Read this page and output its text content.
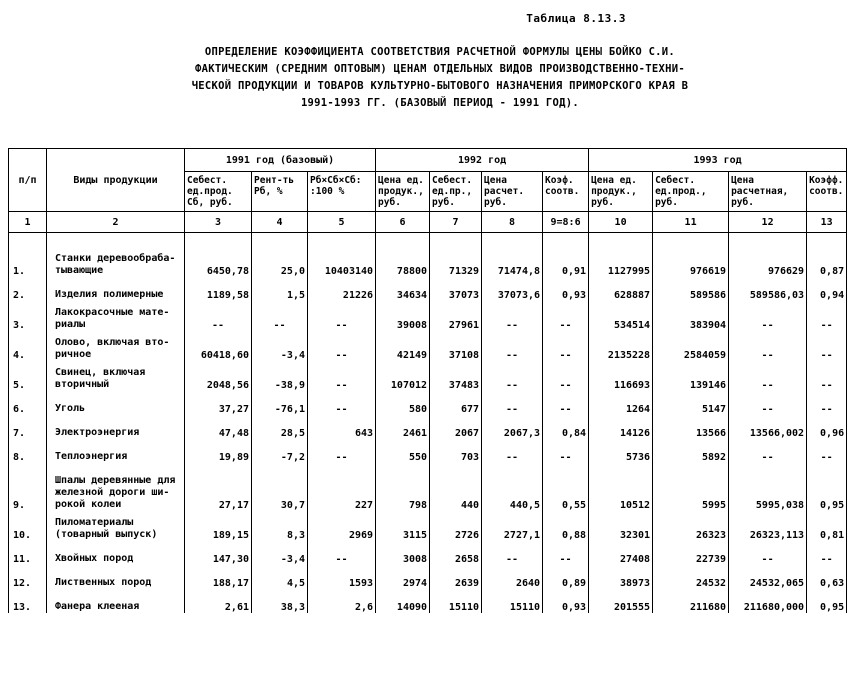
Таблица 8.13.3
ОПРЕДЕЛЕНИЕ КОЭФФИЦИЕНТА СООТВЕТСТВИЯ РАСЧЕТНОЙ ФОРМУЛЫ ЦЕНЫ БОЙКО С.И.
ФАКТИЧЕСКИМ (СРЕДНИМ ОПТОВЫМ) ЦЕНАМ ОТДЕЛЬНЫХ ВИДОВ ПРОИЗВОДСТВЕННО-ТЕХНИ-
ЧЕСКОЙ ПРОДУКЦИИ И ТОВАРОВ КУЛЬТУРНО-БЫТОВОГО НАЗНАЧЕНИЯ ПРИМОРСКОГО КРАЯ В
1991-1993 ГГ. (БАЗОВЫЙ ПЕРИОД - 1991 ГОД).
п/п	Виды продукции	1991 год (базовый)			1992 год				1993 год			
		Себест. ед.прод. Сб, руб.	Рент-ть Рб, %	Рб×Сб×Сб: :100 %	Цена ед. продук., руб.	Себест. ед.пр., руб.	Цена расчет. руб.	Коэф. соотв.	Цена ед. продук., руб.	Себест. ед.прод., руб.	Цена расчетная, руб.	Коэфф. соотв.
1	2	3	4	5	6	7	8	9=8:6	10	11	12	13
1.	Станки деревообраба- тывающие	6450,78	25,0	10403140	78800	71329	71474,8	0,91	1127995	976619	976629	0,87
2.	Изделия полимерные	1189,58	1,5	21226	34634	37073	37073,6	0,93	628887	589586	589586,03	0,94
3.	Лакокрасочные мате- риалы	--	--	--	39008	27961	--	--	534514	383904	--	--
4.	Олово, включая вто- ричное	60418,60	-3,4	--	42149	37108	--	--	2135228	2584059	--	--
5.	Свинец, включая вторичный	2048,56	-38,9	--	107012	37483	--	--	116693	139146	--	--
6.	Уголь	37,27	-76,1	--	580	677	--	--	1264	5147	--	--
7.	Электроэнергия	47,48	28,5	643	2461	2067	2067,3	0,84	14126	13566	13566,002	0,96
8.	Теплоэнергия	19,89	-7,2	--	550	703	--	--	5736	5892	--	--
9.	Шпалы деревянные для железной дороги ши- рокой колеи	27,17	30,7	227	798	440	440,5	0,55	10512	5995	5995,038	0,95
10.	Пиломатериалы (товарный выпуск)	189,15	8,3	2969	3115	2726	2727,1	0,88	32301	26323	26323,113	0,81
11.	Хвойных пород	147,30	-3,4	--	3008	2658	--	--	27408	22739	--	--
12.	Лиственных пород	188,17	4,5	1593	2974	2639	2640	0,89	38973	24532	24532,065	0,63
13.	Фанера клееная	2,61	38,3	2,6	14090	15110	15110	0,93	201555	211680	211680,000	0,95
